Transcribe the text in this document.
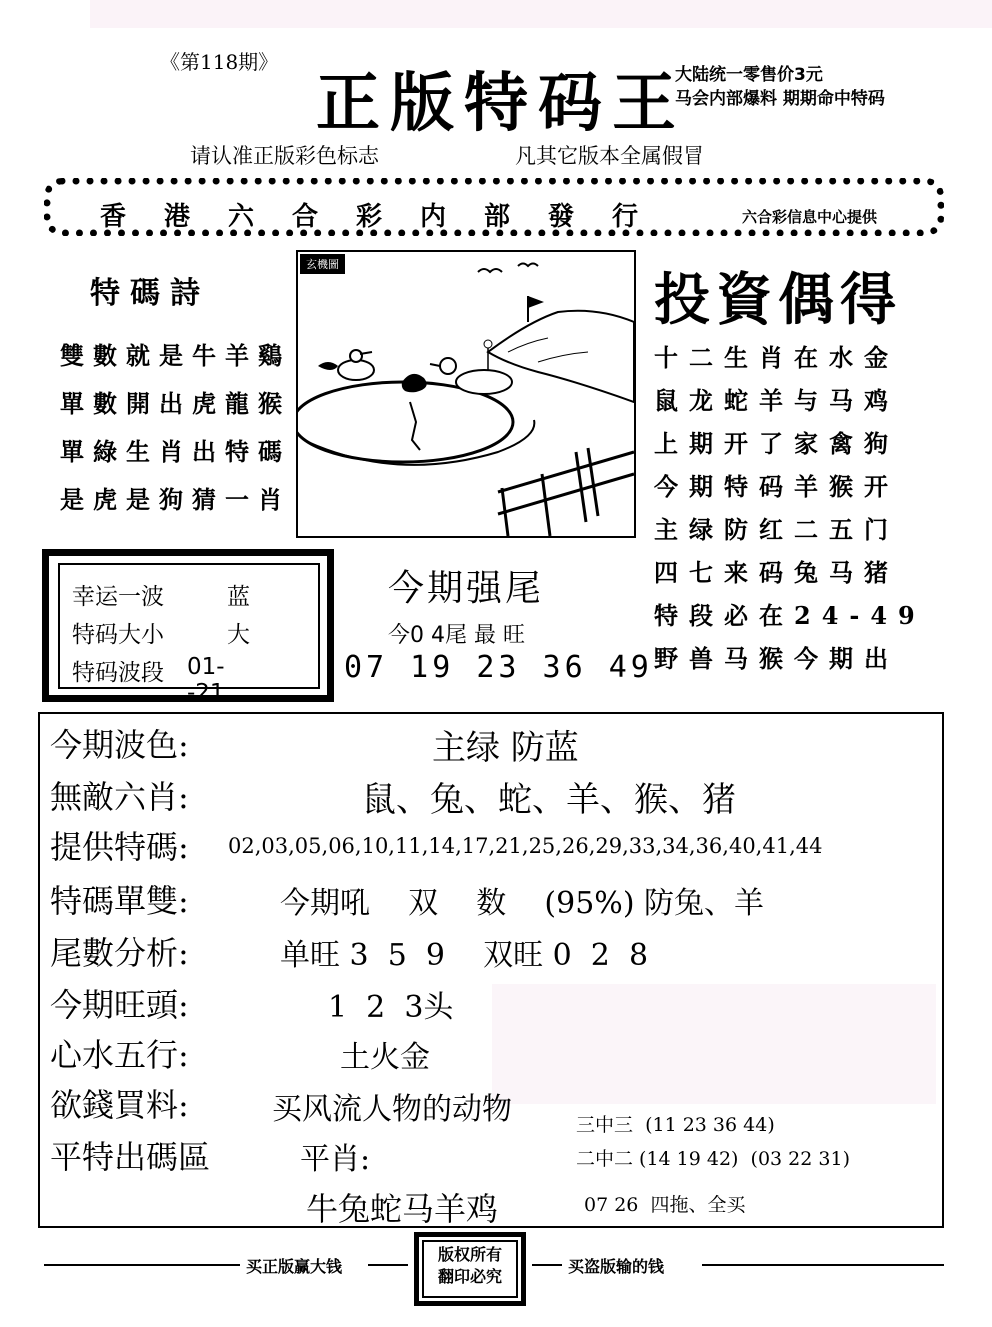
《第118期》
正版特码王
大陆统一零售价3元
马会内部爆料 期期命中特码
请认准正版彩色标志	凡其它版本全属假冒
香港六合彩内部發行	六合彩信息中心提供
特碼詩
雙數就是牛羊鷄
單數開出虎龍猴
單綠生肖出特碼
是虎是狗猜一肖
玄機圖
投資偶得
十二生肖在水金
鼠龙蛇羊与马鸡
上期开了家禽狗
今期特码羊猴开
主绿防红二五门
四七来码兔马猪
特段必在24-49
野兽马猴今期出
幸运一波	蓝
特码大小	大
特码波段 01--21
今期强尾
今0 4尾 最 旺
07 19 23 36 49
今期波色:	主绿 防蓝
無敵六肖:	鼠、兔、蛇、羊、猴、猪
提供特碼: 02,03,05,06,10,11,14,17,21,25,26,29,33,34,36,40,41,44
特碼單雙:	今期吼    双    数    (95%) 防兔、羊
尾數分析:	单旺 3  5  9    双旺 0  2  8
今期旺頭:	1  2  3头
心水五行:	土火金
欲錢買料:	买风流人物的动物
平特出碼區	平肖:
牛兔蛇马羊鸡
三中三  (11 23 36 44)
二中二 (14 19 42)  (03 22 31)
07 26  四拖、全买
买正版赢大钱
版权所有
翻印必究
买盗版输的钱
